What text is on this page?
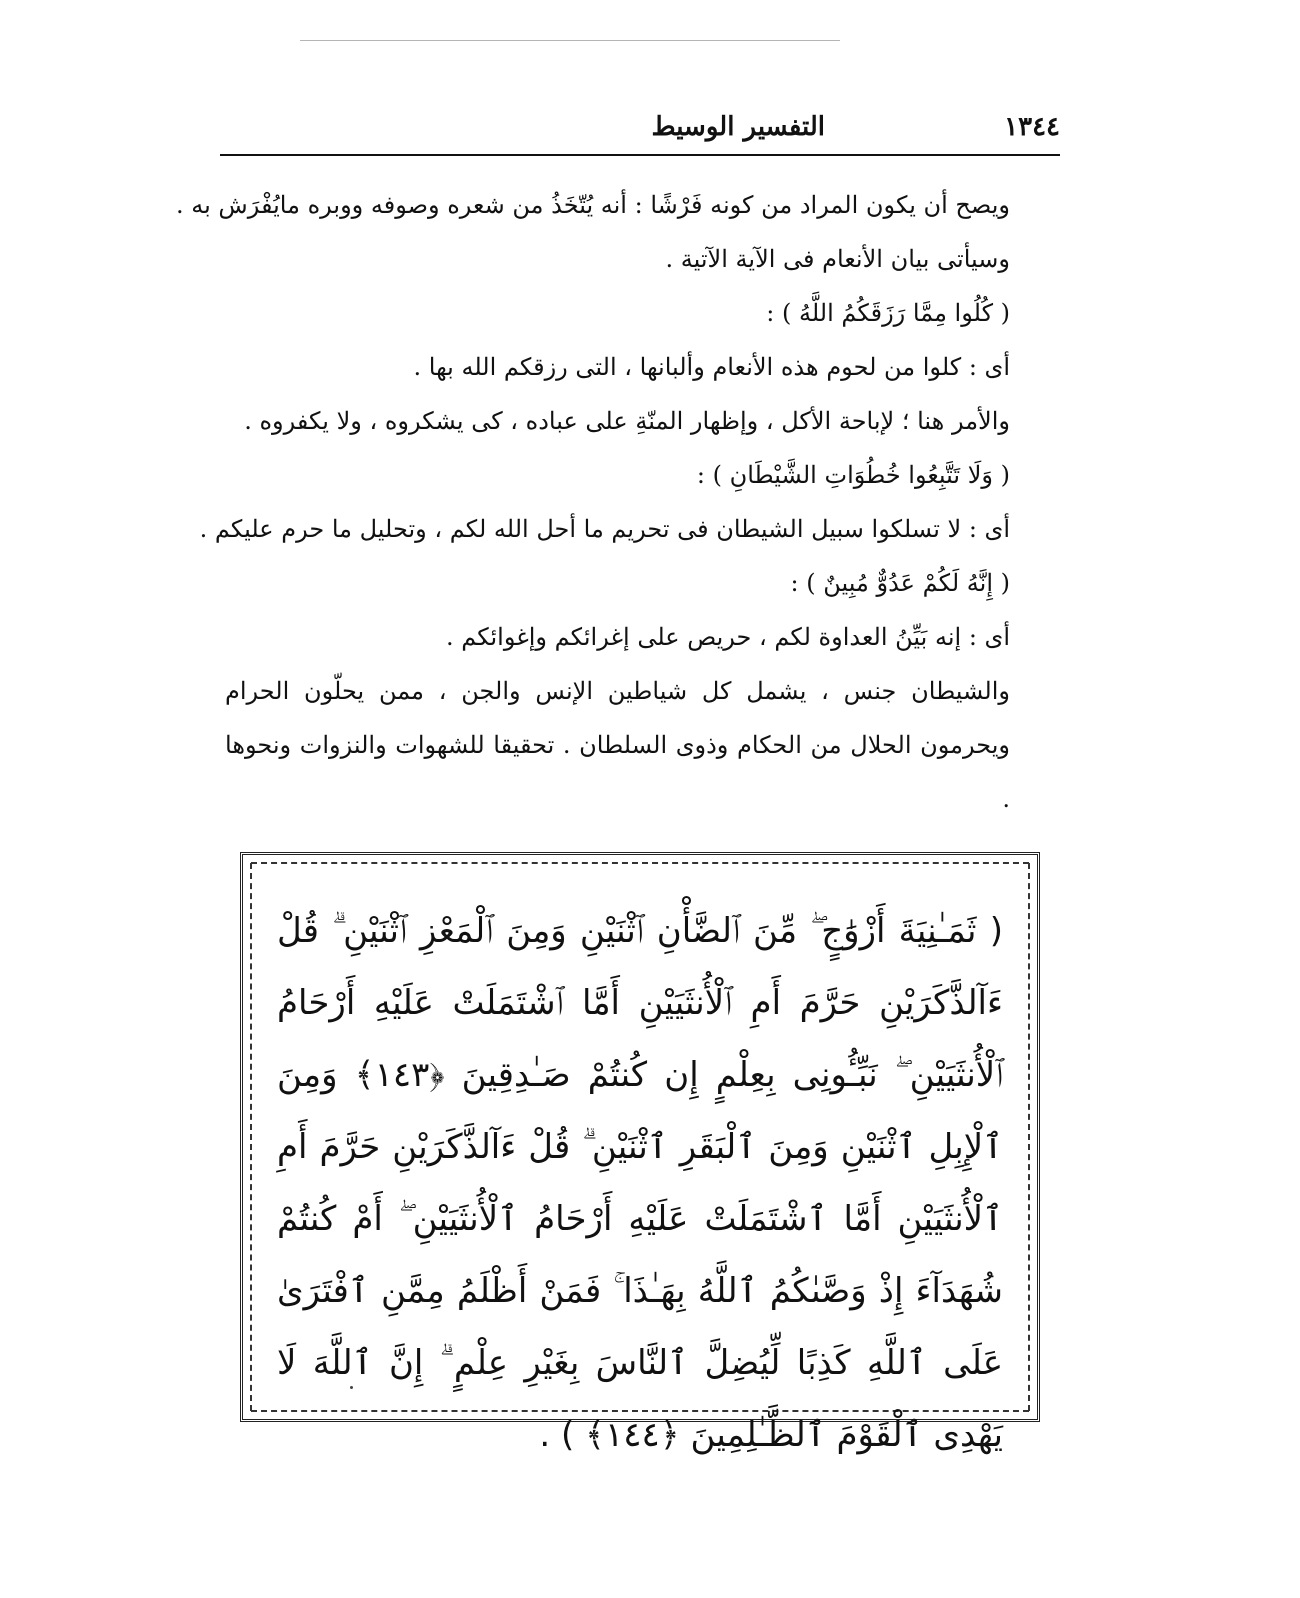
١٣٤٤
التفسير الوسيط

ويصح أن يكون المراد من كونه فَرْشًا : أنه يُتّخَذُ من شعره وصوفه ووبره مايُفْرَش به .

وسيأتى بيان الأنعام فى الآية الآتية .

( كُلُوا مِمَّا رَزَقَكُمُ اللَّهُ ) :

أى : كلوا من لحوم هذه الأنعام وألبانها ، التى رزقكم الله بها .

والأمر هنا ؛ لإباحة الأكل ، وإظهار المنّةِ على عباده ، كى يشكروه ، ولا يكفروه .

( وَلَا تَتَّبِعُوا خُطُوَاتِ الشَّيْطَانِ ) :

أى : لا تسلكوا سبيل الشيطان فى تحريم ما أحل الله لكم ، وتحليل ما حرم عليكم .

( إِنَّهُ لَكُمْ عَدُوٌّ مُبِينٌ ) :

أى : إنه بَيِّنُ العداوة لكم ، حريص على إغرائكم وإغوائكم .

والشيطان جنس ، يشمل كل شياطين الإنس والجن ، ممن يحلّون الحرام ويحرمون الحلال من الحكام وذوى السلطان . تحقيقا للشهوات والنزوات ونحوها .

( ثَمَـٰنِيَةَ أَزْوَٰجٍ ۖ مِّنَ ٱلضَّأْنِ ٱثْنَيْنِ وَمِنَ ٱلْمَعْزِ ٱثْنَيْنِ ۗ قُلْ ءَآلذَّكَرَيْنِ حَرَّمَ أَمِ ٱلْأُنثَيَيْنِ أَمَّا ٱشْتَمَلَتْ عَلَيْهِ أَرْحَامُ ٱلْأُنثَيَيْنِ ۖ نَبِّـُٔونِى بِعِلْمٍ إِن كُنتُمْ صَـٰدِقِينَ ﴿١٤٣﴾ وَمِنَ ٱلْإِبِلِ ٱثْنَيْنِ وَمِنَ ٱلْبَقَرِ ٱثْنَيْنِ ۗ قُلْ ءَآلذَّكَرَيْنِ حَرَّمَ أَمِ ٱلْأُنثَيَيْنِ أَمَّا ٱشْتَمَلَتْ عَلَيْهِ أَرْحَامُ ٱلْأُنثَيَيْنِ ۖ أَمْ كُنتُمْ شُهَدَآءَ إِذْ وَصَّىٰكُمُ ٱللَّهُ بِهَـٰذَا ۚ فَمَنْ أَظْلَمُ مِمَّنِ ٱفْتَرَىٰ عَلَى ٱللَّهِ كَذِبًا لِّيُضِلَّ ٱلنَّاسَ بِغَيْرِ عِلْمٍ ۗ إِنَّ ٱللَّهَ لَا يَهْدِى ٱلْقَوْمَ ٱلظَّـٰلِمِينَ ﴿١٤٤﴾ ) .
